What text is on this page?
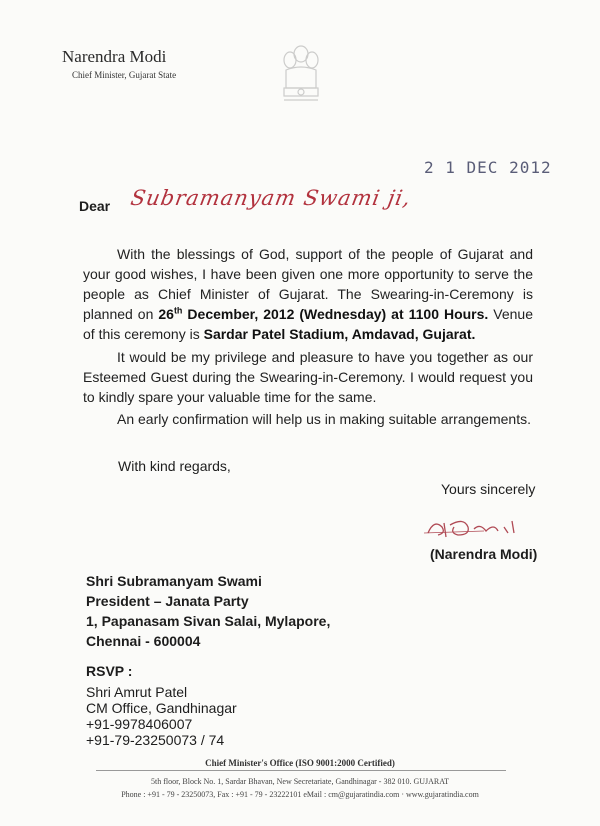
Narendra Modi
Chief Minister, Gujarat State
2 1 DEC 2012
Dear Subramanyam Swami ji,
With the blessings of God, support of the people of Gujarat and your good wishes, I have been given one more opportunity to serve the people as Chief Minister of Gujarat. The Swearing-in-Ceremony is planned on 26th December, 2012 (Wednesday) at 1100 Hours. Venue of this ceremony is Sardar Patel Stadium, Amdavad, Gujarat.
It would be my privilege and pleasure to have you together as our Esteemed Guest during the Swearing-in-Ceremony. I would request you to kindly spare your valuable time for the same.
An early confirmation will help us in making suitable arrangements.
With kind regards,
Yours sincerely
(Narendra Modi)
Shri Subramanyam Swami
President – Janata Party
1, Papanasam Sivan Salai, Mylapore,
Chennai - 600004
RSVP :
Shri Amrut Patel
CM Office, Gandhinagar
+91-9978406007
+91-79-23250073 / 74
Chief Minister's Office (ISO 9001:2000 Certified)
5th floor, Block No. 1, Sardar Bhavan, New Secretariate, Gandhinagar - 382 010. GUJARAT
Phone : +91 - 79 - 23250073, Fax : +91 - 79 - 23222101 eMail : cm@gujaratindia.com · www.gujaratindia.com
